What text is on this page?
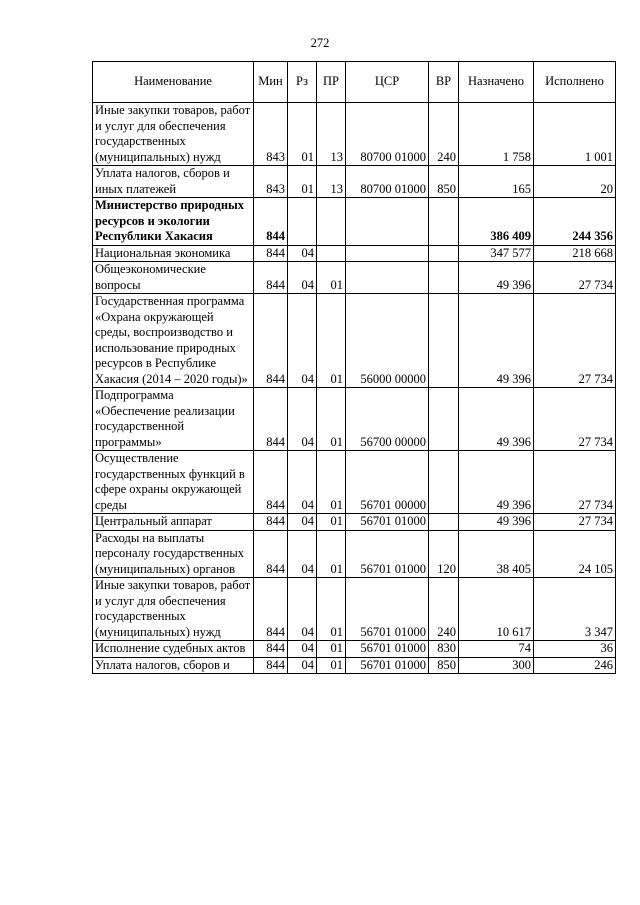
272
Наименование	Мин	Рз	ПР	ЦСР	ВР	Назначено	Исполнено
Иные закупки товаров, работ и услуг для обеспечения государственных (муниципальных) нужд	843	01	13	80700 01000	240	1 758	1 001
Уплата налогов, сборов и иных платежей	843	01	13	80700 01000	850	165	20
Министерство природных ресурсов и экологии Республики Хакасия	844					386 409	244 356
Национальная экономика	844	04				347 577	218 668
Общеэкономические вопросы	844	04	01			49 396	27 734
Государственная программа «Охрана окружающей среды, воспроизводство и использование природных ресурсов в Республике Хакасия (2014 – 2020 годы)»	844	04	01	56000 00000		49 396	27 734
Подпрограмма «Обеспечение реализации государственной программы»	844	04	01	56700 00000		49 396	27 734
Осуществление государственных функций в сфере охраны окружающей среды	844	04	01	56701 00000		49 396	27 734
Центральный аппарат	844	04	01	56701 01000		49 396	27 734
Расходы на выплаты персоналу государственных (муниципальных) органов	844	04	01	56701 01000	120	38 405	24 105
Иные закупки товаров, работ и услуг для обеспечения государственных (муниципальных) нужд	844	04	01	56701 01000	240	10 617	3 347
Исполнение судебных актов	844	04	01	56701 01000	830	74	36
Уплата налогов, сборов и	844	04	01	56701 01000	850	300	246
